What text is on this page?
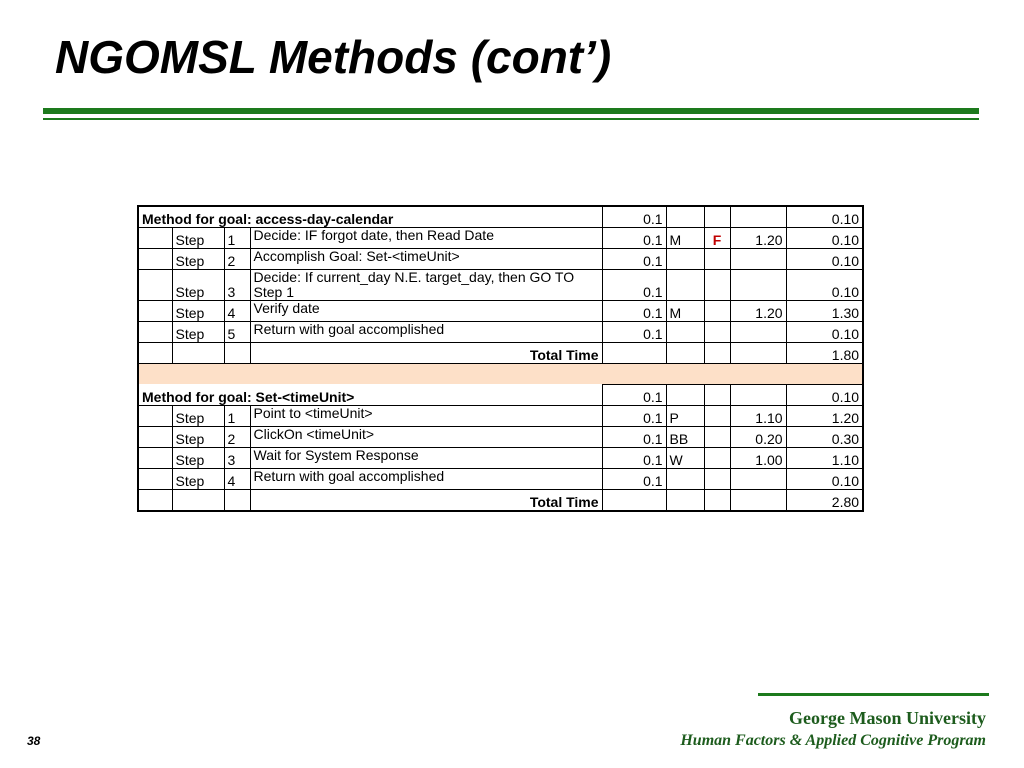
NGOMSL Methods (cont’)
Method for goal: access-day-calendar				0.1				0.10
	Step	1	Decide: IF forgot date, then Read Date	0.1	M	F	1.20	0.10
	Step	2	Accomplish Goal: Set-<timeUnit>	0.1				0.10
	Step	3	Decide: If current_day N.E. target_day, then GO TO Step 1	0.1				0.10
	Step	4	Verify date	0.1	M		1.20	1.30
	Step	5	Return with goal accomplished	0.1				0.10
			Total Time					1.80

Method for goal: Set-<timeUnit>				0.1				0.10
	Step	1	Point to <timeUnit>	0.1	P		1.10	1.20
	Step	2	ClickOn <timeUnit>	0.1	BB		0.20	0.30
	Step	3	Wait for System Response	0.1	W		1.00	1.10
	Step	4	Return with goal accomplished	0.1				0.10
			Total Time					2.80
George Mason University
Human Factors & Applied Cognitive Program
38
